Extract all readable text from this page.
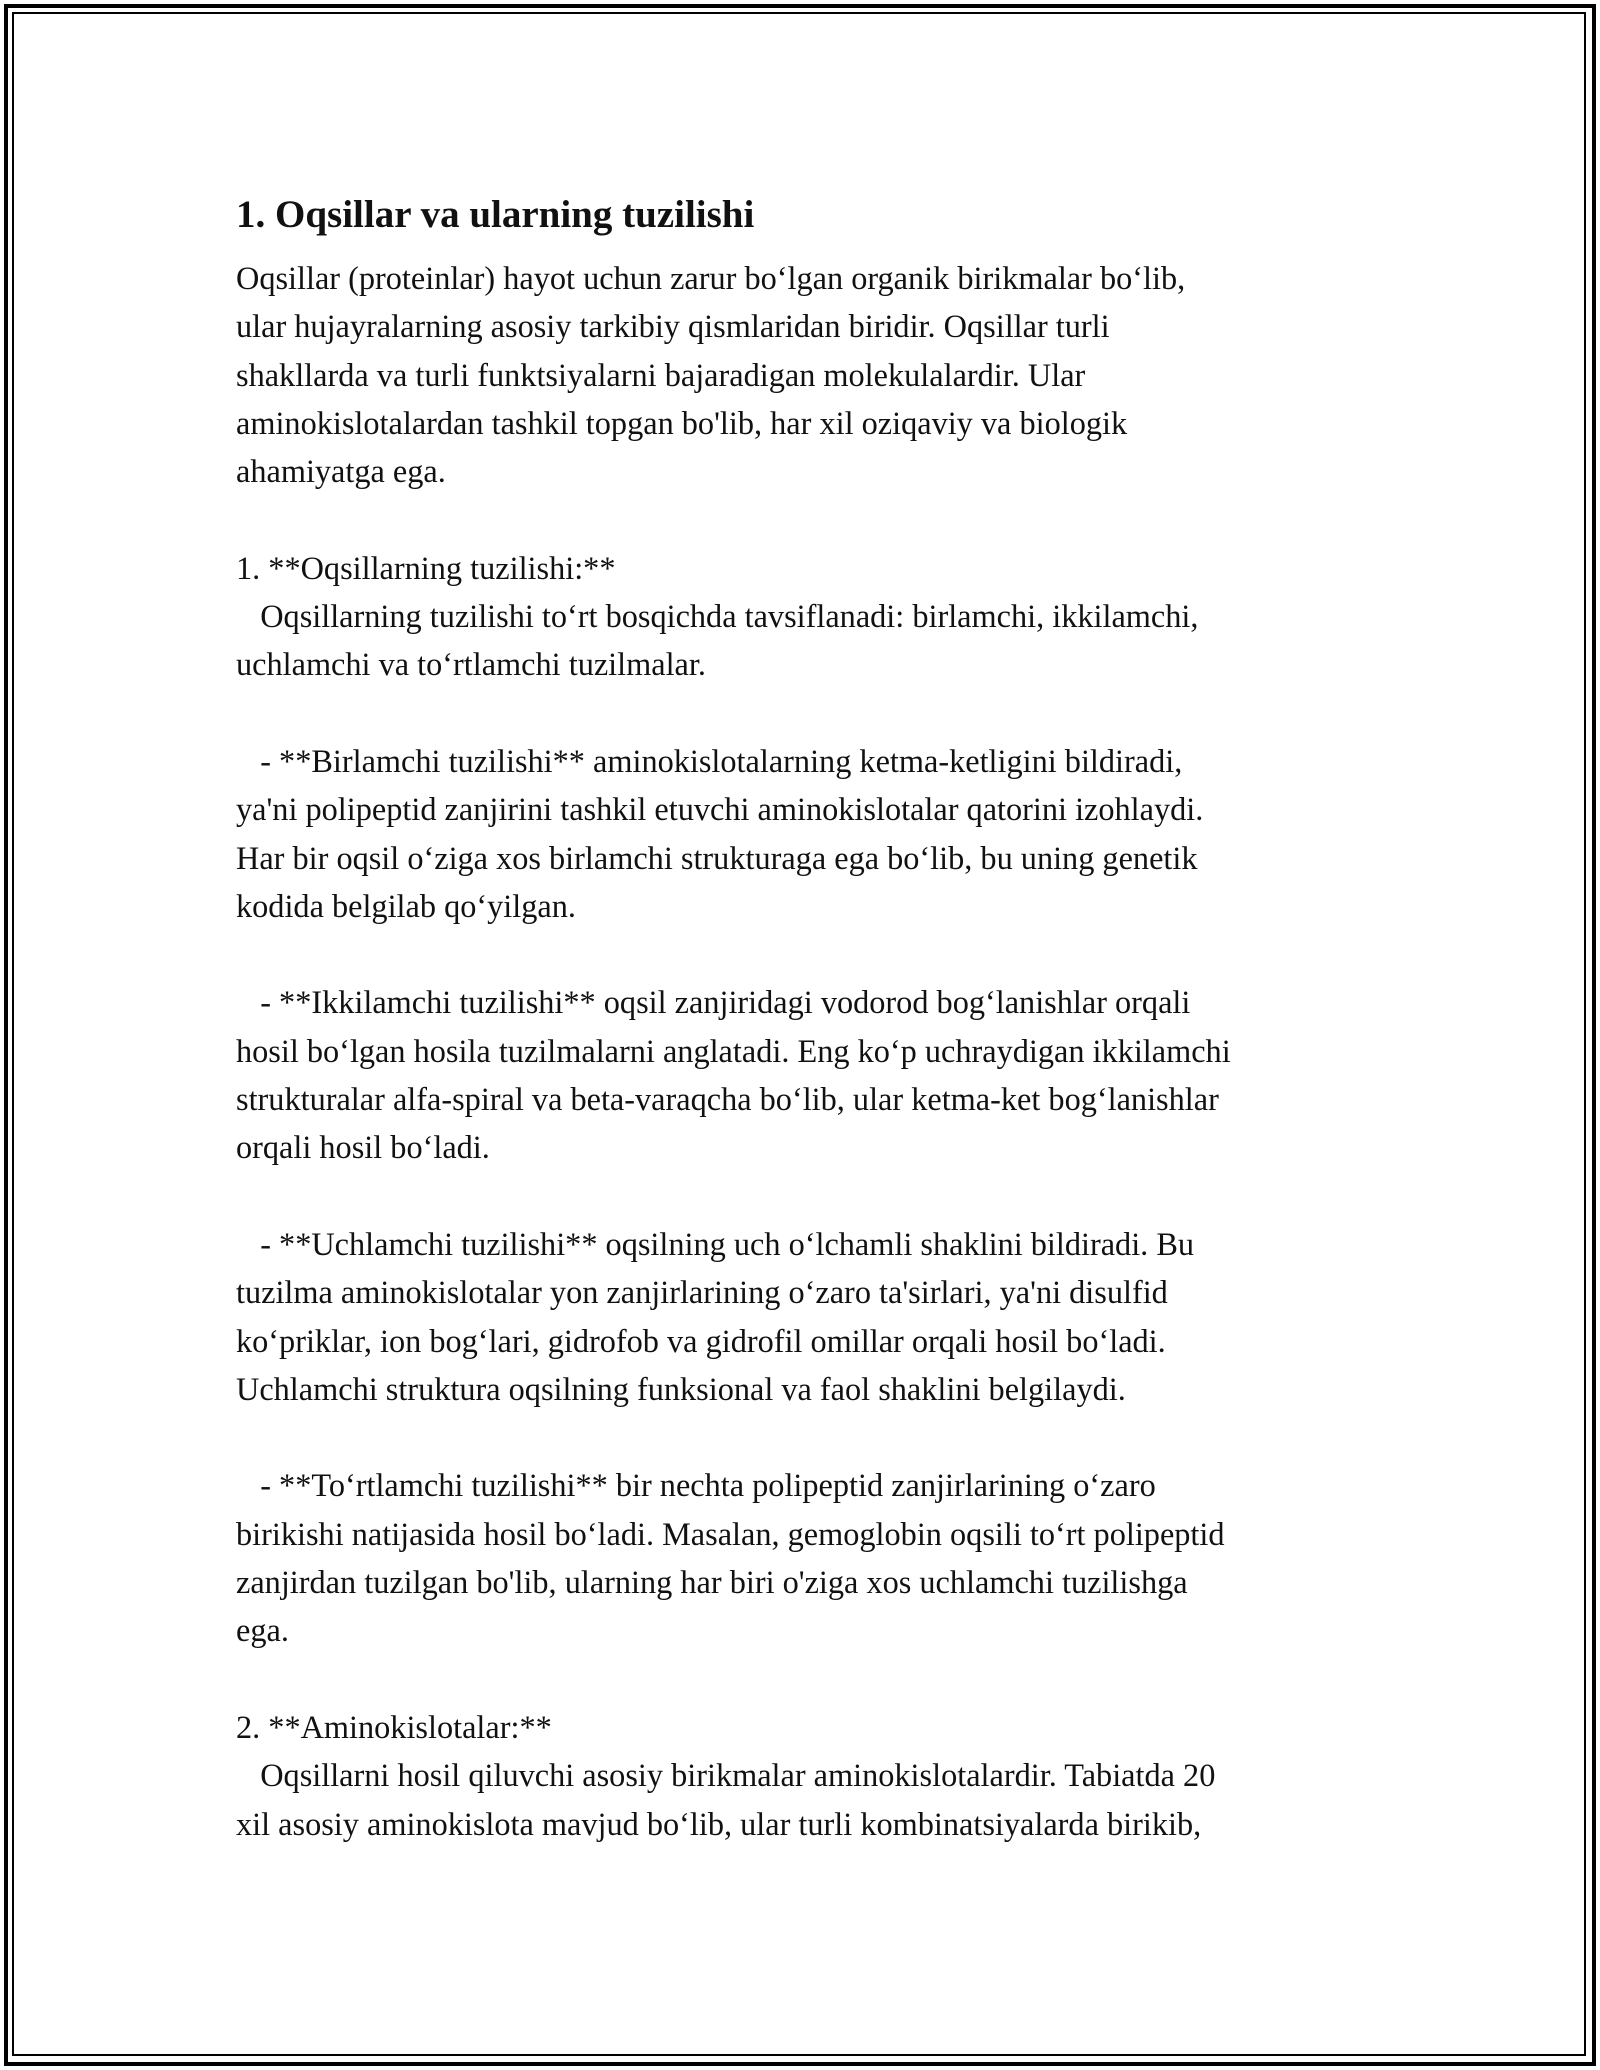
1. Oqsillar va ularning tuzilishi
Oqsillar (proteinlar) hayot uchun zarur bo‘lgan organik birikmalar bo‘lib,
ular hujayralarning asosiy tarkibiy qismlaridan biridir. Oqsillar turli
shakllarda va turli funktsiyalarni bajaradigan molekulalardir. Ular
aminokislotalardan tashkil topgan bo'lib, har xil oziqaviy va biologik
ahamiyatga ega.
1. **Oqsillarning tuzilishi:**
Oqsillarning tuzilishi to‘rt bosqichda tavsiflanadi: birlamchi, ikkilamchi,
uchlamchi va to‘rtlamchi tuzilmalar.
- **Birlamchi tuzilishi** aminokislotalarning ketma-ketligini bildiradi,
ya'ni polipeptid zanjirini tashkil etuvchi aminokislotalar qatorini izohlaydi.
Har bir oqsil o‘ziga xos birlamchi strukturaga ega bo‘lib, bu uning genetik
kodida belgilab qo‘yilgan.
- **Ikkilamchi tuzilishi** oqsil zanjiridagi vodorod bog‘lanishlar orqali
hosil bo‘lgan hosila tuzilmalarni anglatadi. Eng ko‘p uchraydigan ikkilamchi
strukturalar alfa-spiral va beta-varaqcha bo‘lib, ular ketma-ket bog‘lanishlar
orqali hosil bo‘ladi.
- **Uchlamchi tuzilishi** oqsilning uch o‘lchamli shaklini bildiradi. Bu
tuzilma aminokislotalar yon zanjirlarining o‘zaro ta'sirlari, ya'ni disulfid
ko‘priklar, ion bog‘lari, gidrofob va gidrofil omillar orqali hosil bo‘ladi.
Uchlamchi struktura oqsilning funksional va faol shaklini belgilaydi.
- **To‘rtlamchi tuzilishi** bir nechta polipeptid zanjirlarining o‘zaro
birikishi natijasida hosil bo‘ladi. Masalan, gemoglobin oqsili to‘rt polipeptid
zanjirdan tuzilgan bo'lib, ularning har biri o'ziga xos uchlamchi tuzilishga
ega.
2. **Aminokislotalar:**
Oqsillarni hosil qiluvchi asosiy birikmalar aminokislotalardir. Tabiatda 20
xil asosiy aminokislota mavjud bo‘lib, ular turli kombinatsiyalarda birikib,
